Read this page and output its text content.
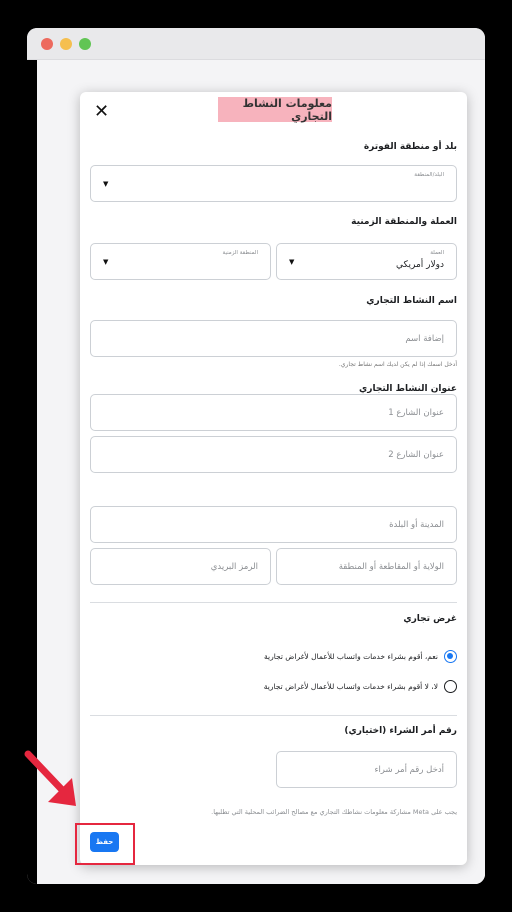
معلومات النشاط التجاري
✕
بلد أو منطقة الفوترة
البلد/المنطقة
▼
العملة والمنطقة الزمنية
العملة
دولار أمريكي
▼
المنطقة الزمنية
▼
اسم النشاط التجاري
إضافة اسم
أدخل اسمك إذا لم يكن لديك اسم نشاط تجاري.
عنوان النشاط التجاري
عنوان الشارع 1
عنوان الشارع 2
المدينة أو البلدة
الولاية أو المقاطعة أو المنطقة
الرمز البريدي
غرض تجاري
نعم، أقوم بشراء خدمات واتساب للأعمال لأغراض تجارية
لا، لا أقوم بشراء خدمات واتساب للأعمال لأغراض تجارية
رقم أمر الشراء (اختياري)
أدخل رقم أمر شراء
يجب على Meta مشاركة معلومات نشاطك التجاري مع مصالح الضرائب المحلية التي تطلبها.
حفظ
